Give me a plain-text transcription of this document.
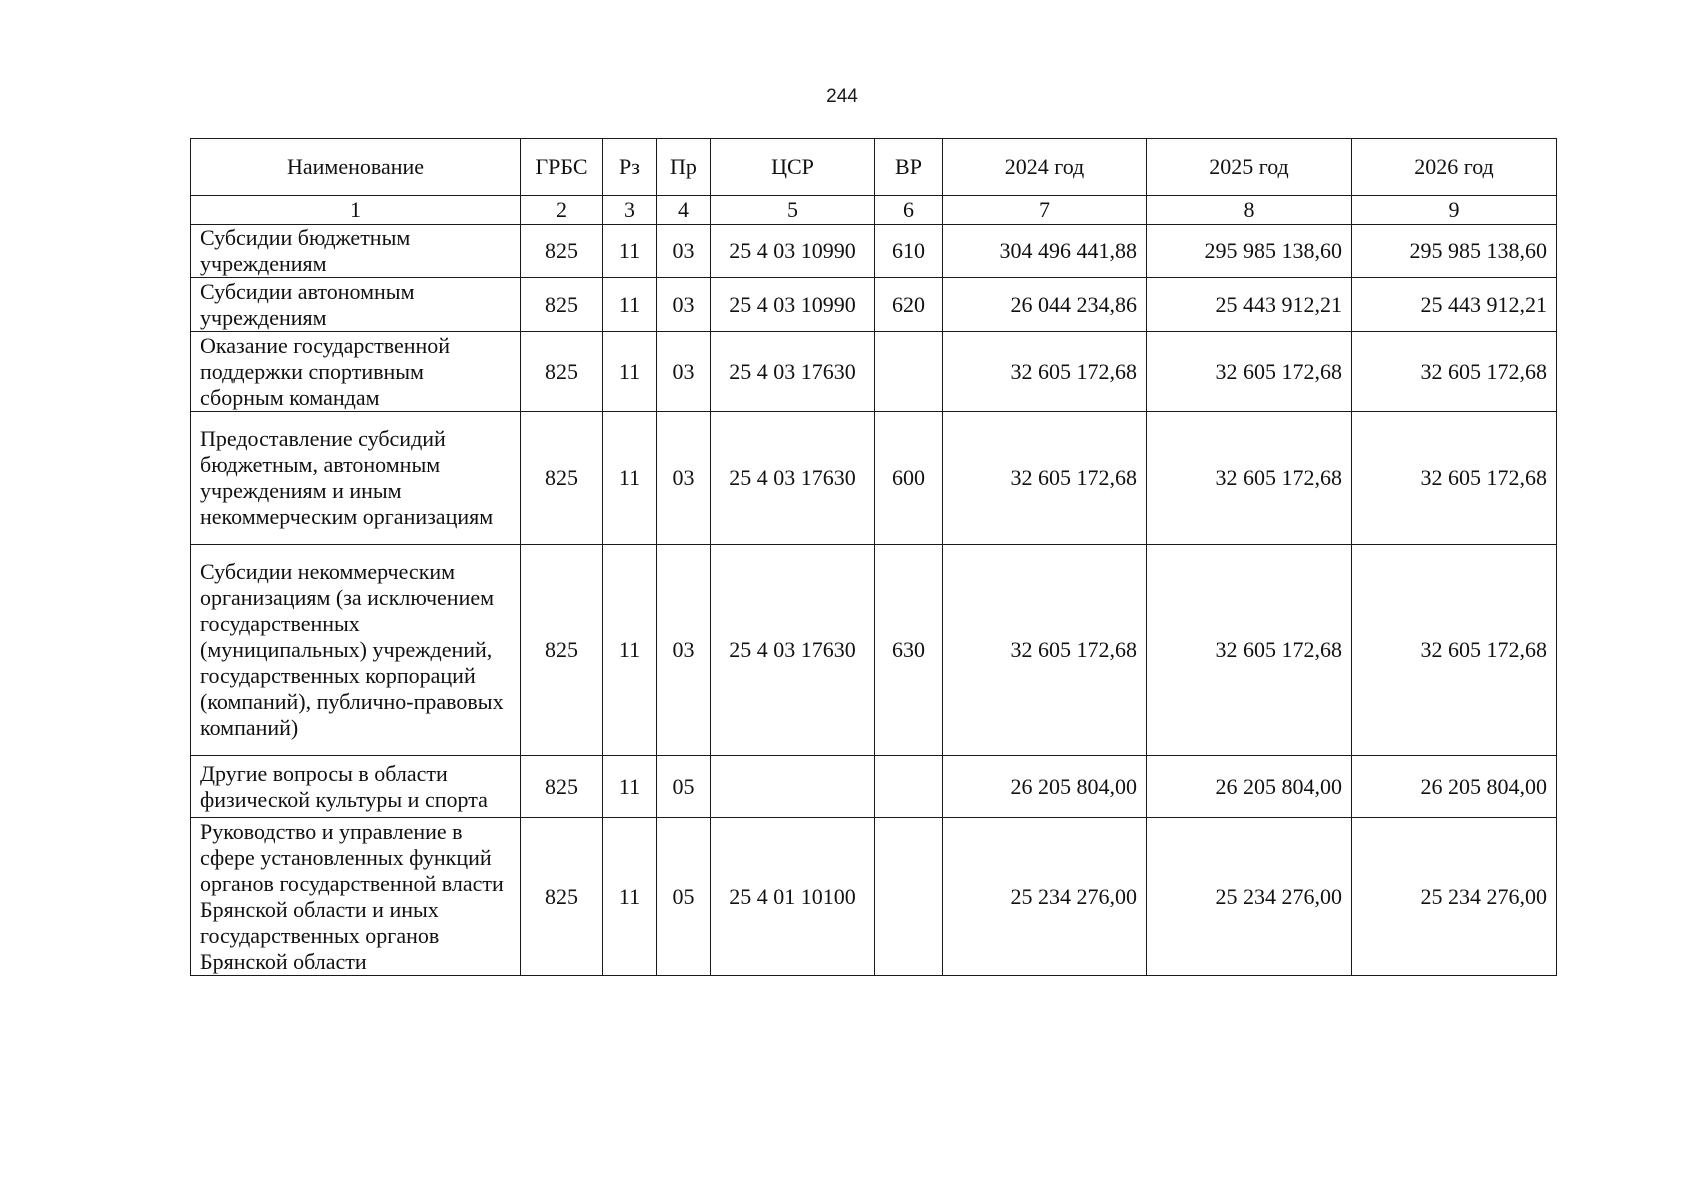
244
Наименование	ГРБС	Рз	Пр	ЦСР	ВР	2024 год	2025 год	2026 год
1	2	3	4	5	6	7	8	9
Субсидии бюджетным учреждениям	825	11	03	25 4 03 10990	610	304 496 441,88	295 985 138,60	295 985 138,60
Субсидии автономным учреждениям	825	11	03	25 4 03 10990	620	26 044 234,86	25 443 912,21	25 443 912,21
Оказание государственной поддержки спортивным сборным командам	825	11	03	25 4 03 17630		32 605 172,68	32 605 172,68	32 605 172,68
Предоставление субсидий бюджетным, автономным учреждениям и иным некоммерческим организациям	825	11	03	25 4 03 17630	600	32 605 172,68	32 605 172,68	32 605 172,68
Субсидии некоммерческим организациям (за исключением государственных (муниципальных) учреждений, государственных корпораций (компаний), публично-правовых компаний)	825	11	03	25 4 03 17630	630	32 605 172,68	32 605 172,68	32 605 172,68
Другие вопросы в области физической культуры и спорта	825	11	05			26 205 804,00	26 205 804,00	26 205 804,00
Руководство и управление в сфере установленных функций органов государственной власти Брянской области и иных государственных органов Брянской области	825	11	05	25 4 01 10100		25 234 276,00	25 234 276,00	25 234 276,00
